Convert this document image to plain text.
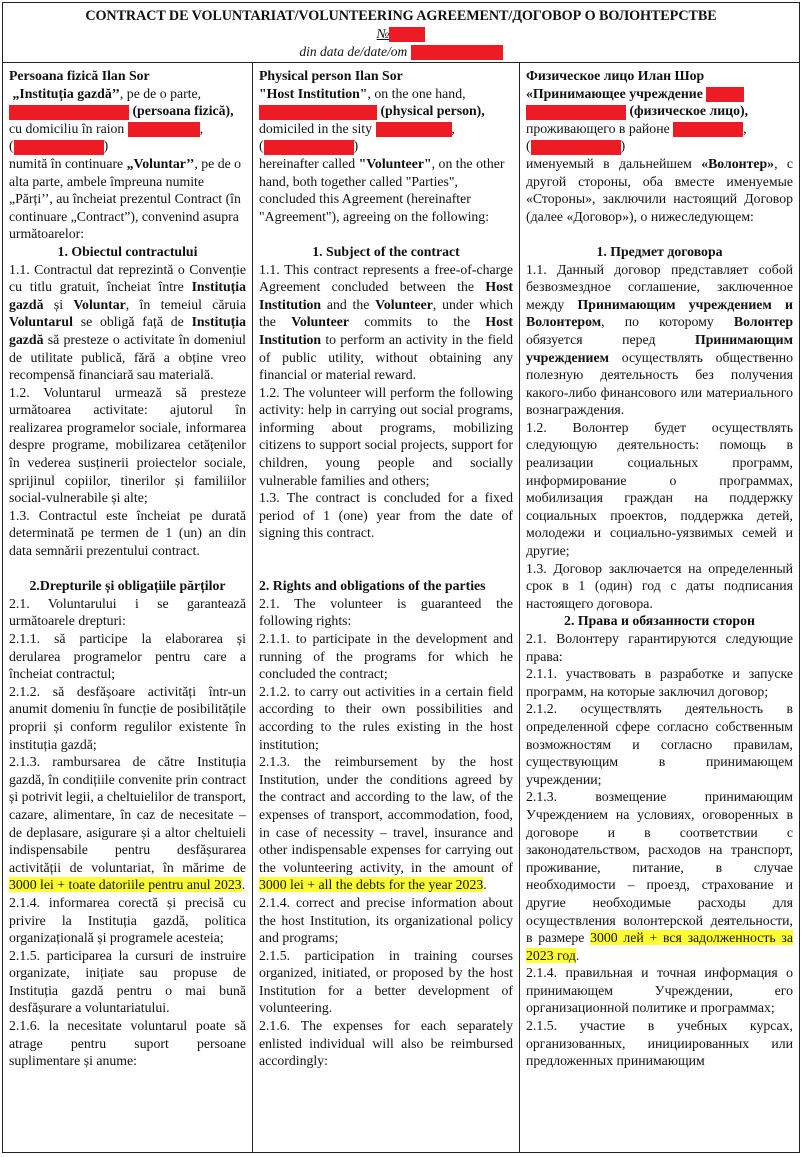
CONTRACT DE VOLUNTARIAT/VOLUNTEERING AGREEMENT/ДОГОВОР О ВОЛОНТЕРСТВЕ
№
din data de/date/om

Persoana fizică Ilan Sor

„Instituția gazdă’’, pe de o parte,
(persoana fizică),
cu domiciliu în raion	,
(	)

numită în continuare „Voluntar’’, pe de o alta parte, ambele împreuna numite „Părți’’, au încheiat prezentul Contract (în continuare „Contract”), convenind asupra următoarelor:

1. Obiectul contractului

1.1. Contractul dat reprezintă o Convenție cu titlu gratuit, încheiat între Instituția gazdă și Voluntar, în temeiul căruia Voluntarul se obligă față de Instituția gazdă să presteze o activitate în domeniul de utilitate publică, fără a obține vreo recompensă financiară sau materială.

1.2. Voluntarul urmează să presteze următoarea activitate: ajutorul în realizarea programelor sociale, informarea despre programe, mobilizarea cetățenilor în vederea susținerii proiectelor sociale, sprijinul copiilor, tinerilor și familiilor social-vulnerabile și alte;

1.3. Contractul este încheiat pe durată determinată pe termen de 1 (un) an din data semnării prezentului contract.

2.Drepturile și obligațiile părților

2.1. Voluntarului i se garantează următoarele drepturi:

2.1.1. să participe la elaborarea și derularea programelor pentru care a încheiat contractul;

2.1.2. să desfășoare activități într-un anumit domeniu în funcție de posibilitățile proprii și conform regulilor existente în instituția gazdă;

2.1.3. rambursarea de către Instituția gazdă, în condițiile convenite prin contract și potrivit legii, a cheltuielilor de transport, cazare, alimentare, în caz de necesitate – de deplasare, asigurare și a altor cheltuieli indispensabile pentru desfășurarea activității de voluntariat, în mărime de 3000 lei + toate datoriile pentru anul 2023.

2.1.4. informarea corectă și precisă cu privire la Instituția gazdă, politica organizațională și programele acesteia;

2.1.5. participarea la cursuri de instruire organizate, inițiate sau propuse de Instituția gazdă pentru o mai bună desfășurare a voluntariatului.

2.1.6. la necesitate voluntarul poate să atrage pentru suport persoane suplimentare și anume:

Physical person Ilan Sor

"Host Institution", on the one hand,
(physical person),
domiciled in the sity	,
(	)

hereinafter called "Volunteer", on the other hand, both together called "Parties", concluded this Agreement (hereinafter "Agreement"), agreeing on the following:

1. Subject of the contract

1.1. This contract represents a free-of-charge Agreement concluded between the Host Institution and the Volunteer, under which the Volunteer commits to the Host Institution to perform an activity in the field of public utility, without obtaining any financial or material reward.

1.2. The volunteer will perform the following activity: help in carrying out social programs, informing about programs, mobilizing citizens to support social projects, support for children, young people and socially vulnerable families and others;

1.3. The contract is concluded for a fixed period of 1 (one) year from the date of signing this contract.

2. Rights and obligations of the parties

2.1. The volunteer is guaranteed the following rights:

2.1.1. to participate in the development and running of the programs for which he concluded the contract;

2.1.2. to carry out activities in a certain field according to their own possibilities and according to the rules existing in the host institution;

2.1.3. the reimbursement by the host Institution, under the conditions agreed by the contract and according to the law, of the expenses of transport, accommodation, food, in case of necessity – travel, insurance and other indispensable expenses for carrying out the volunteering activity, in the amount of 3000 lei + all the debts for the year 2023.

2.1.4. correct and precise information about the host Institution, its organizational policy and programs;

2.1.5. participation in training courses organized, initiated, or proposed by the host Institution for a better development of volunteering.

2.1.6. The expenses for each separately enlisted individual will also be reimbursed accordingly:

Физическое лицо Илан Шор

«Принимающее учреждение
(физическое лицо),
проживающего в районе	,
(	)

именуемый в дальнейшем «Волонтер», с другой стороны, оба вместе именуемые «Стороны», заключили настоящий Договор (далее «Договор»), о нижеследующем:

1. Предмет договора

1.1. Данный договор представляет собой безвозмездное соглашение, заключенное между Принимающим учреждением и Волонтером, по которому Волонтер обязуется перед Принимающим учреждением осуществлять общественно полезную деятельность без получения какого-либо финансового или материального вознаграждения.

1.2. Волонтер будет осуществлять следующую деятельность: помощь в реализации социальных программ, информирование о программах, мобилизация граждан на поддержку социальных проектов, поддержка детей, молодежи и социально-уязвимых семей и другие;

1.3. Договор заключается на определенный срок в 1 (один) год с даты подписания настоящего договора.

2. Права и обязанности сторон

2.1. Волонтеру гарантируются следующие права:

2.1.1. участвовать в разработке и запуске программ, на которые заключил договор;

2.1.2. осуществлять деятельность в определенной сфере согласно собственным возможностям и согласно правилам, существующим в принимающем учреждении;

2.1.3. возмещение принимающим Учреждением на условиях, оговоренных в договоре и в соответствии с законодательством, расходов на транспорт, проживание, питание, в случае необходимости – проезд, страхование и другие необходимые расходы для осуществления волонтерской деятельности, в размере 3000 лей + вся задолженность за 2023 год.

2.1.4. правильная и точная информация о принимающем Учреждении, его организационной политике и программах;

2.1.5. участие в учебных курсах, организованных, инициированных или предложенных принимающим
